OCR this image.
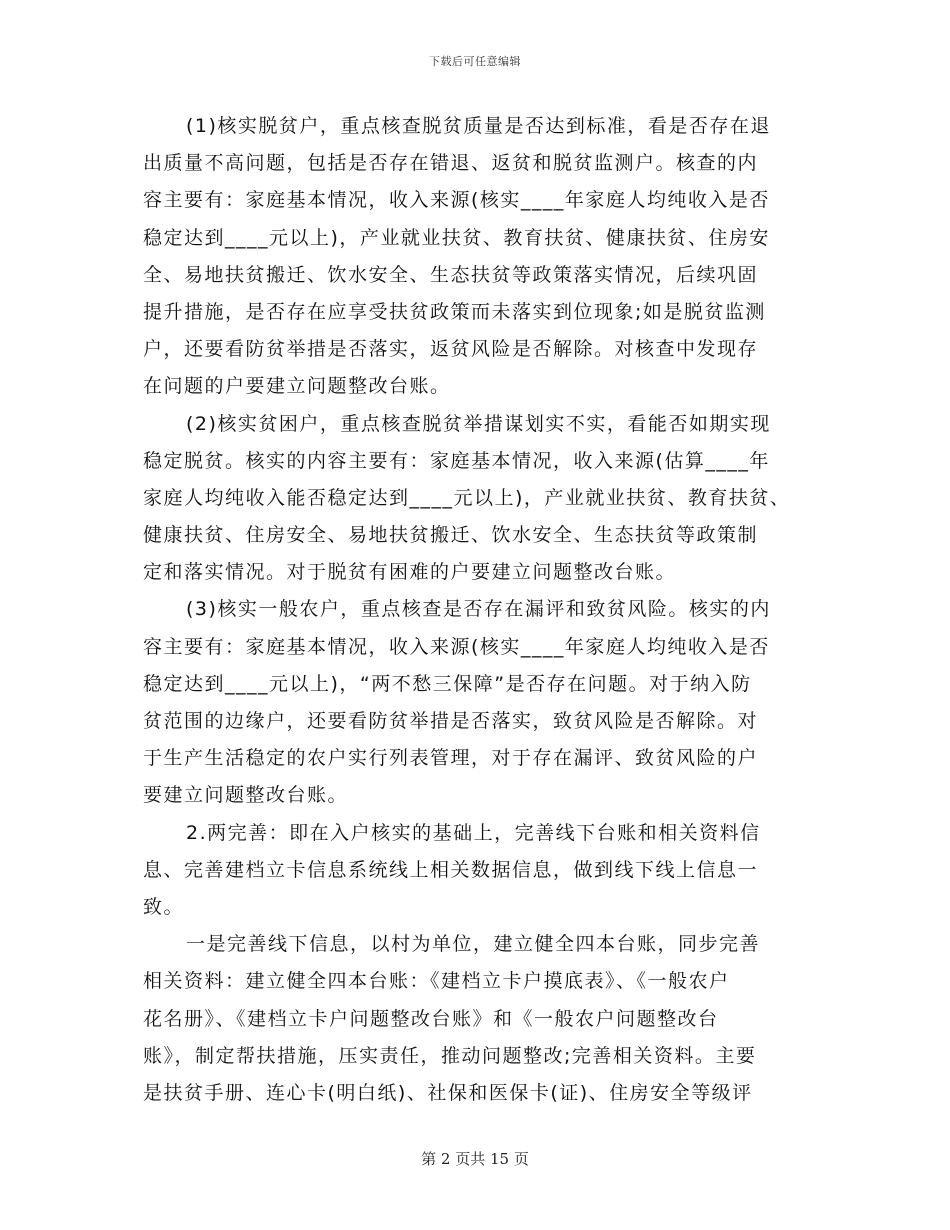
下载后可任意编辑
(1)核实脱贫户，重点核查脱贫质量是否达到标准，看是否存在退
出质量不高问题，包括是否存在错退、返贫和脱贫监测户。核查的内
容主要有：家庭基本情况，收入来源(核实____年家庭人均纯收入是否
稳定达到____元以上)，产业就业扶贫、教育扶贫、健康扶贫、住房安
全、易地扶贫搬迁、饮水安全、生态扶贫等政策落实情况，后续巩固
提升措施，是否存在应享受扶贫政策而未落实到位现象;如是脱贫监测
户，还要看防贫举措是否落实，返贫风险是否解除。对核查中发现存
在问题的户要建立问题整改台账。
(2)核实贫困户，重点核查脱贫举措谋划实不实，看能否如期实现
稳定脱贫。核实的内容主要有：家庭基本情况，收入来源(估算____年
家庭人均纯收入能否稳定达到____元以上)，产业就业扶贫、教育扶贫、
健康扶贫、住房安全、易地扶贫搬迁、饮水安全、生态扶贫等政策制
定和落实情况。对于脱贫有困难的户要建立问题整改台账。
(3)核实一般农户，重点核查是否存在漏评和致贫风险。核实的内
容主要有：家庭基本情况，收入来源(核实____年家庭人均纯收入是否
稳定达到____元以上)，“两不愁三保障”是否存在问题。对于纳入防
贫范围的边缘户，还要看防贫举措是否落实，致贫风险是否解除。对
于生产生活稳定的农户实行列表管理，对于存在漏评、致贫风险的户
要建立问题整改台账。
2.两完善：即在入户核实的基础上，完善线下台账和相关资料信
息、完善建档立卡信息系统线上相关数据信息，做到线下线上信息一
致。
一是完善线下信息，以村为单位，建立健全四本台账，同步完善
相关资料：建立健全四本台账：《建档立卡户摸底表》、《一般农户
花名册》、《建档立卡户问题整改台账》和《一般农户问题整改台
账》，制定帮扶措施，压实责任，推动问题整改;完善相关资料。主要
是扶贫手册、连心卡(明白纸)、社保和医保卡(证)、住房安全等级评
第 2 页共 15 页
